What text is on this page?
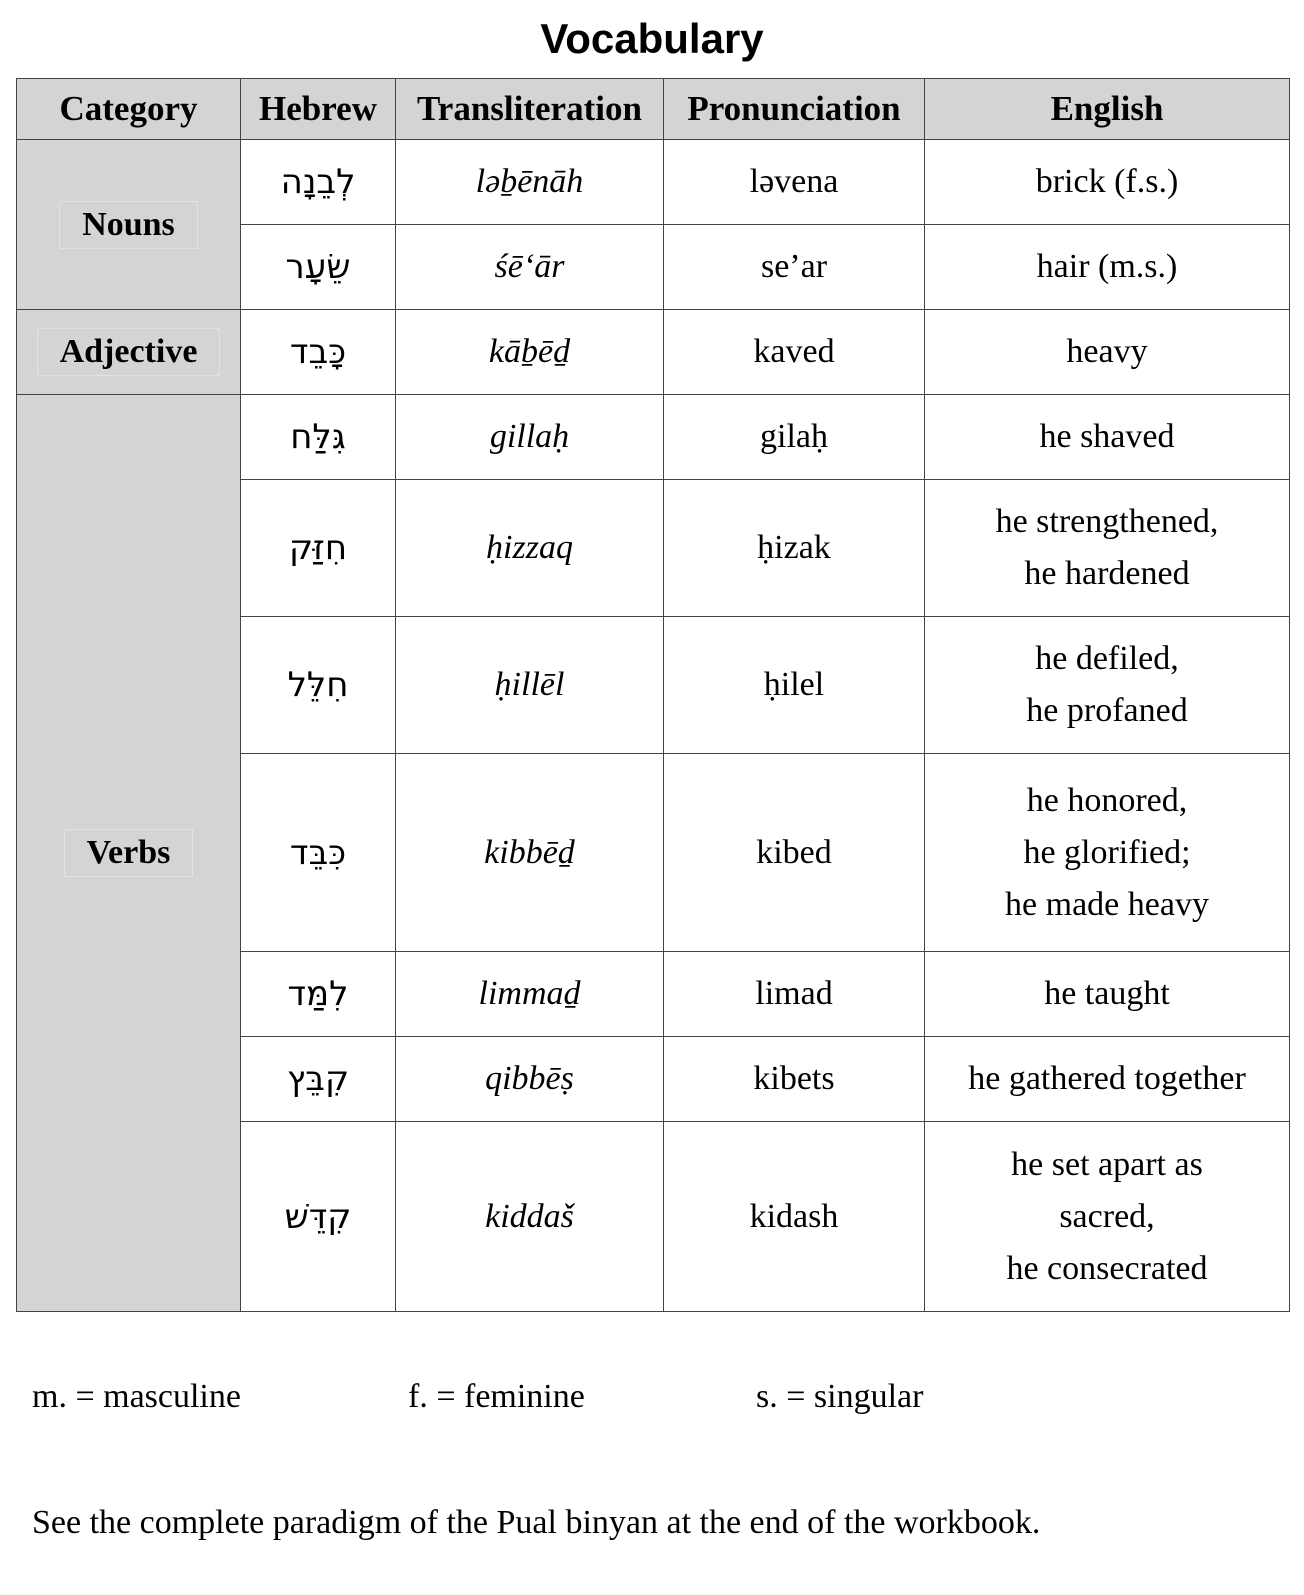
Vocabulary
Category	Hebrew	Transliteration	Pronunciation	English
Nouns	לְבֵנָה	ləḇēnāh	ləvena	brick (f.s.)

	שֵׂעָר	śēʻār	se’ar	hair (m.s.)

Adjective	כָּבֵד	kāḇēḏ	kaved	heavy

Verbs	גִּלַּח	gillaḥ	gilaḥ	he shaved

	חִזַּק	ḥizzaq	ḥizak	he strengthened,
he hardened

	חִלֵּל	ḥillēl	ḥilel	he defiled,
he profaned

	כִּבֵּד	kibbēḏ	kibed	he honored,
he glorified;
he made heavy

	לִמַּד	limmaḏ	limad	he taught

	קִבֵּץ	qibbēṣ	kibets	he gathered together

	קִדֵּשׁ	kiddaš	kidash	he set apart as
sacred,
he consecrated
m. = masculine	f. = feminine	s. = singular
See the complete paradigm of the Pual binyan at the end of the workbook.
